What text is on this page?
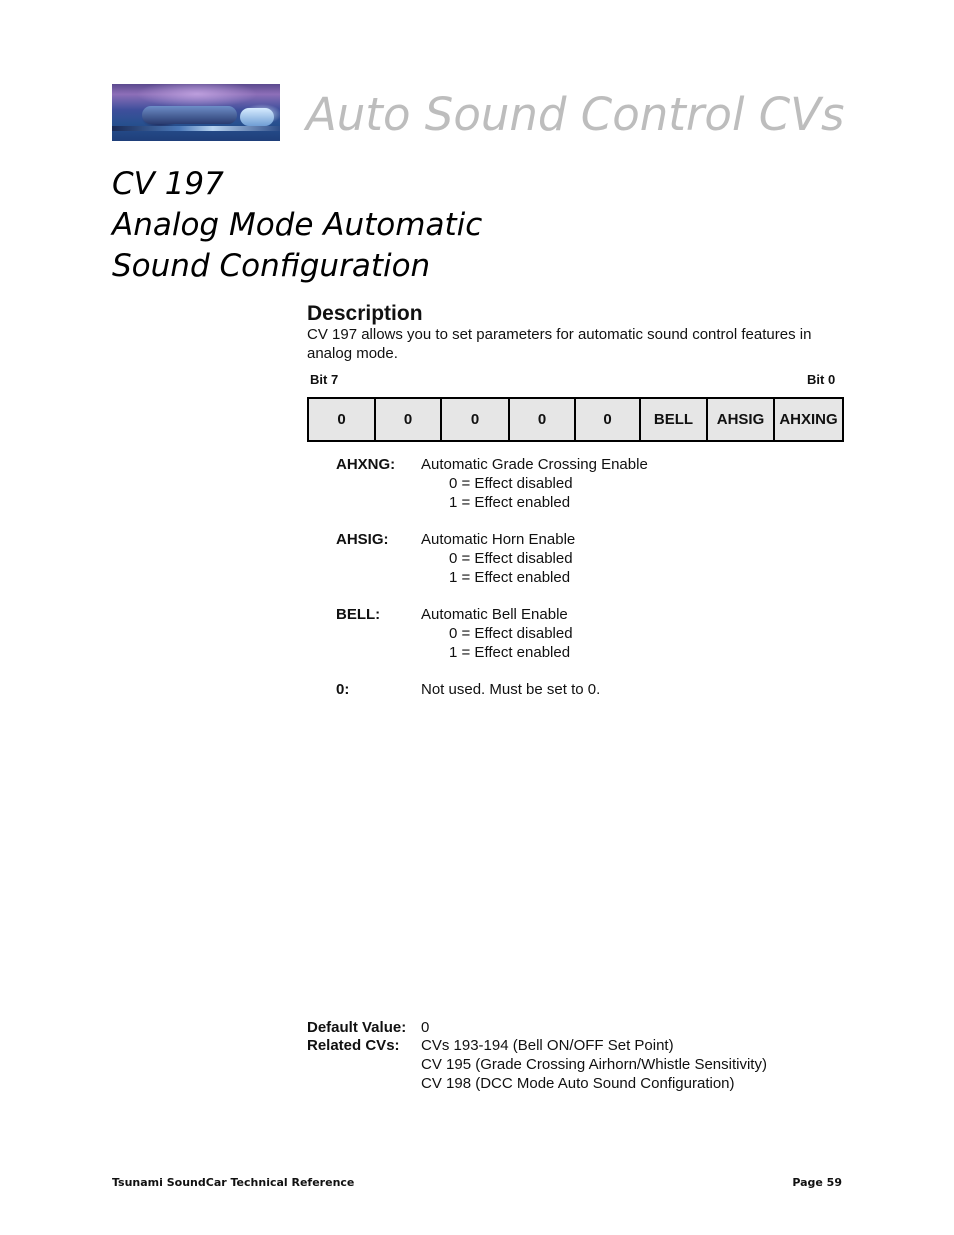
Auto Sound Control CVs
CV 197
Analog Mode Automatic
Sound Configuration
Description

CV 197 allows you to set parameters for automatic sound control features in analog mode.

Bit 7	Bit 0
0	0	0	0	0	BELL	AHSIG	AHXING
AHXNG: Automatic Grade Crossing Enable
0 = Effect disabled
1 = Effect enabled
AHSIG: Automatic Horn Enable
0 = Effect disabled
1 = Effect enabled
BELL:	Automatic Bell Enable
0 = Effect disabled
1 = Effect enabled
0:	Not used. Must be set to 0.
Default Value: 0
Related CVs: CVs 193-194 (Bell ON/OFF Set Point)
CV 195 (Grade Crossing Airhorn/Whistle Sensitivity)
CV 198 (DCC Mode Auto Sound Configuration)
Tsunami SoundCar Technical Reference	Page 59
